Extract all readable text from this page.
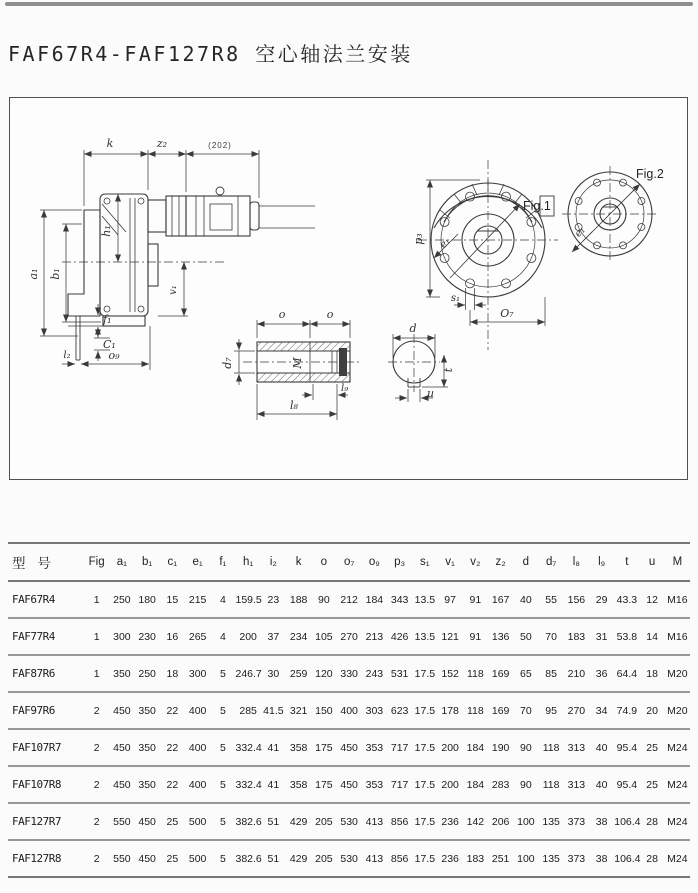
FAF67R4-FAF127R8 空心轴法兰安装
k	z₂	(202)
a₁ b₁
h₁
v₁
f₁
C₁
l₂	o₉
Fig.1
p₃
s₁
O₇
e₁
Fig.2
e₁
o	o
d₇	M
l₉
l₈
d
t
u
型 号	Fig	a₁	b₁	c₁	e₁	f₁	h₁	i₂	k	o	o₇	o₉	p₃	s₁	v₁	v₂	z₂	d	d₇	l₈	l₉	t	u	M
FAF67R4	1	250	180	15	215	4	159.5	23	188	90	212	184	343	13.5	97	91	167	40	55	156	29	43.3	12	M16
FAF77R4	1	300	230	16	265	4	200	37	234	105	270	213	426	13.5	121	91	136	50	70	183	31	53.8	14	M16
FAF87R6	1	350	250	18	300	5	246.7	30	259	120	330	243	531	17.5	152	118	169	65	85	210	36	64.4	18	M20
FAF97R6	2	450	350	22	400	5	285	41.5	321	150	400	303	623	17.5	178	118	169	70	95	270	34	74.9	20	M20
FAF107R7	2	450	350	22	400	5	332.4	41	358	175	450	353	717	17.5	200	184	190	90	118	313	40	95.4	25	M24
FAF107R8	2	450	350	22	400	5	332.4	41	358	175	450	353	717	17.5	200	184	283	90	118	313	40	95.4	25	M24
FAF127R7	2	550	450	25	500	5	382.6	51	429	205	530	413	856	17.5	236	142	206	100	135	373	38	106.4	28	M24
FAF127R8	2	550	450	25	500	5	382.6	51	429	205	530	413	856	17.5	236	183	251	100	135	373	38	106.4	28	M24
